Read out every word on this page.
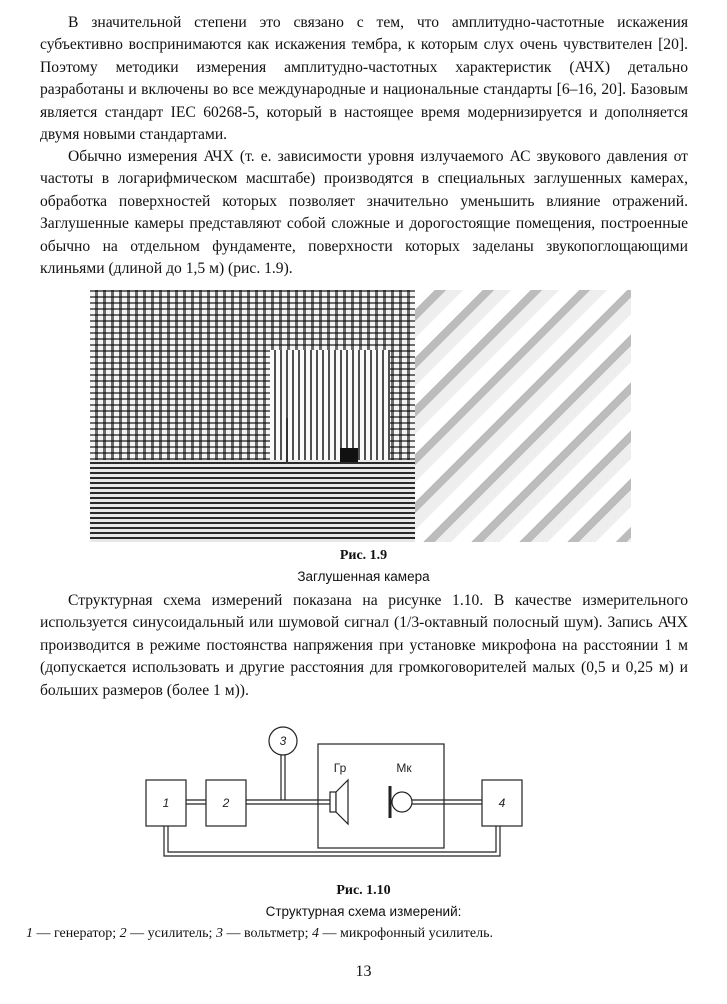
В значительной степени это связано с тем, что амплитудно-частотные искажения субъективно воспринимаются как искажения тембра, к которым слух очень чувствителен [20]. Поэтому методики измерения амплитудно-частотных характеристик (АЧХ) детально разработаны и включены во все международные и национальные стандарты [6–16, 20]. Базовым является стандарт IEC 60268-5, который в настоящее время модернизируется и дополняется двумя новыми стандартами.

Обычно измерения АЧХ (т. е. зависимости уровня излучаемого АС звукового давления от частоты в логарифмическом масштабе) производятся в специальных заглушенных камерах, обработка поверхностей которых позволяет значительно уменьшить влияние отражений. Заглушенные камеры представляют собой сложные и дорогостоящие помещения, построенные обычно на отдельном фундаменте, поверхности которых заделаны звукопоглощающими клиньями (длиной до 1,5 м) (рис. 1.9).

Рис. 1.9

Заглушенная камера

Структурная схема измерений показана на рисунке 1.10. В качестве измерительного используется синусоидальный или шумовой сигнал (1/3-октавный полосный шум). Запись АЧХ производится в режиме постоянства напряжения при установке микрофона на расстоянии 1 м (допускается использовать и другие расстояния для громкоговорителей малых (0,5 и 0,25 м) и больших размеров (более 1 м)).

1	2
3
4
Гр	Мк

Рис. 1.10

Структурная схема измерений:

1 — генератор; 2 — усилитель; 3 — вольтметр; 4 — микрофонный усилитель.

13
